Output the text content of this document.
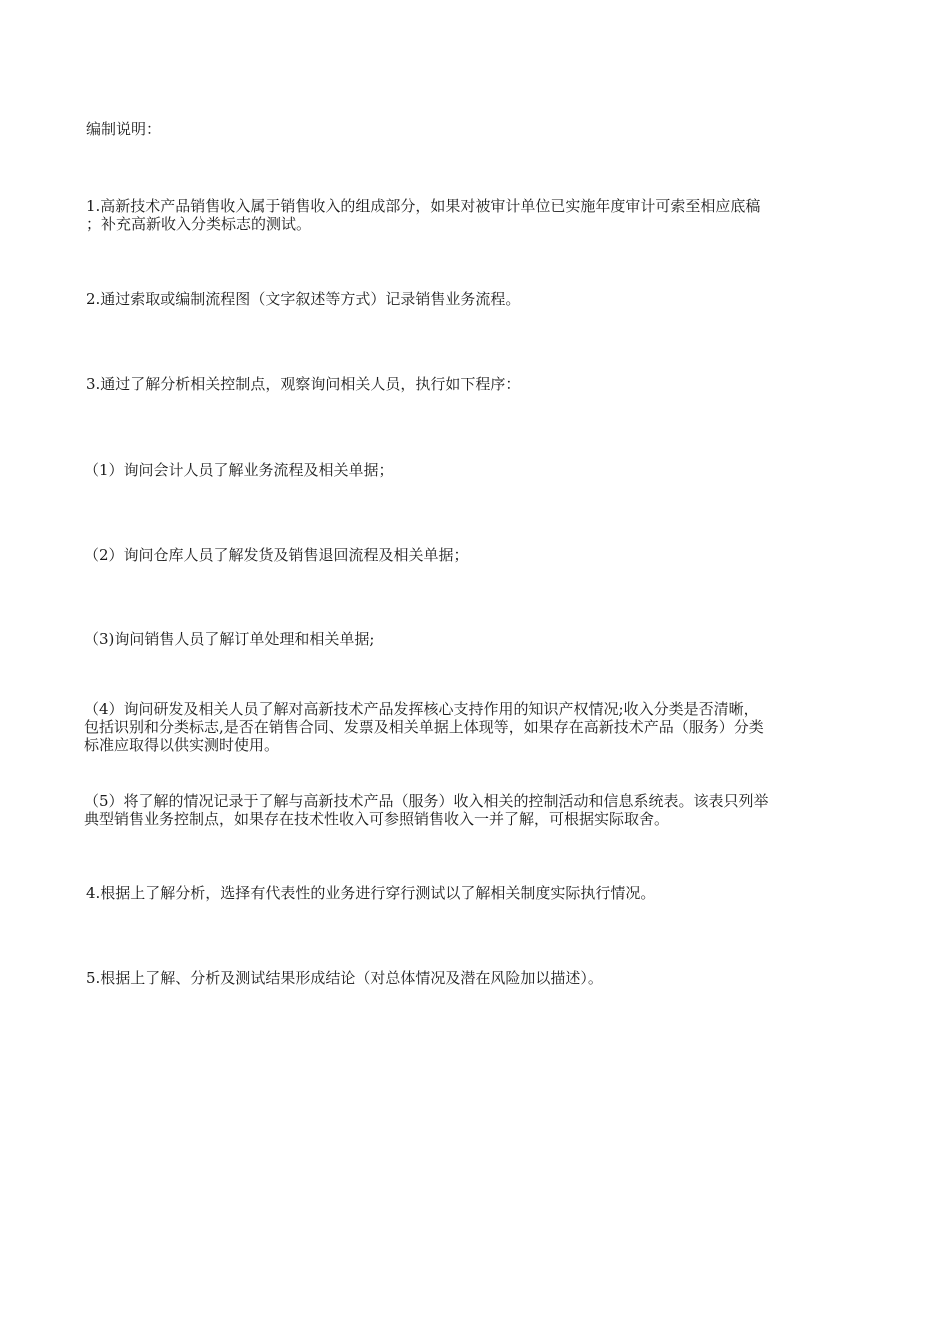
编制说明：
1.高新技术产品销售收入属于销售收入的组成部分，如果对被审计单位已实施年度审计可索至相应底稿
；补充高新收入分类标志的测试。
2.通过索取或编制流程图（文字叙述等方式）记录销售业务流程。
3.通过了解分析相关控制点，观察询问相关人员，执行如下程序：
（1）询问会计人员了解业务流程及相关单据；
（2）询问仓库人员了解发货及销售退回流程及相关单据；
（3)询问销售人员了解订单处理和相关单据;
（4）询问研发及相关人员了解对高新技术产品发挥核心支持作用的知识产权情况;收入分类是否清晰，
包括识别和分类标志,是否在销售合同、发票及相关单据上体现等，如果存在高新技术产品（服务）分类
标准应取得以供实测时使用。
（5）将了解的情况记录于了解与高新技术产品（服务）收入相关的控制活动和信息系统表。该表只列举
典型销售业务控制点，如果存在技术性收入可参照销售收入一并了解，可根据实际取舍。
4.根据上了解分析，选择有代表性的业务进行穿行测试以了解相关制度实际执行情况。
5.根据上了解、分析及测试结果形成结论（对总体情况及潜在风险加以描述）。
